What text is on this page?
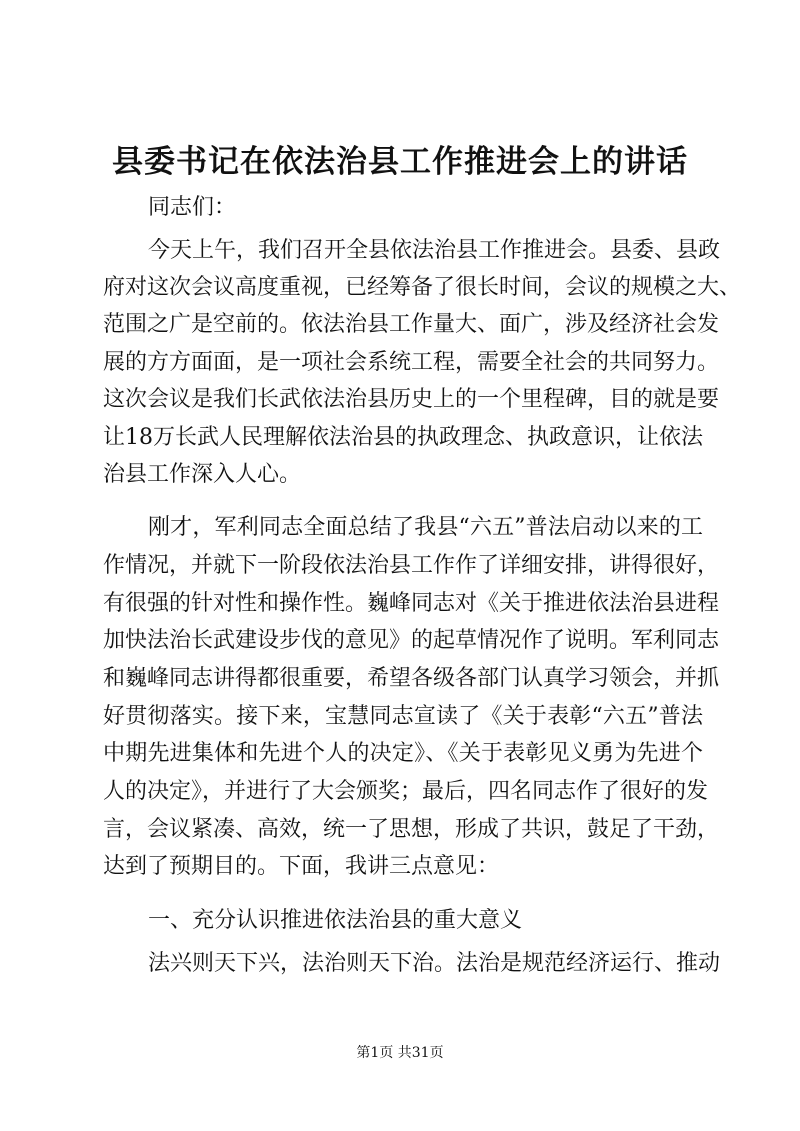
县委书记在依法治县工作推进会上的讲话
同志们：
今天上午，我们召开全县依法治县工作推进会。县委、县政
府对这次会议高度重视，已经筹备了很长时间，会议的规模之大、
范围之广是空前的。依法治县工作量大、面广，涉及经济社会发
展的方方面面，是一项社会系统工程，需要全社会的共同努力。
这次会议是我们长武依法治县历史上的一个里程碑，目的就是要
让18万长武人民理解依法治县的执政理念、执政意识，让依法
治县工作深入人心。
刚才，军利同志全面总结了我县“六五”普法启动以来的工
作情况，并就下一阶段依法治县工作作了详细安排，讲得很好，
有很强的针对性和操作性。巍峰同志对《关于推进依法治县进程
加快法治长武建设步伐的意见》的起草情况作了说明。军利同志
和巍峰同志讲得都很重要，希望各级各部门认真学习领会，并抓
好贯彻落实。接下来，宝慧同志宣读了《关于表彰“六五”普法
中期先进集体和先进个人的决定》、《关于表彰见义勇为先进个
人的决定》，并进行了大会颁奖；最后，四名同志作了很好的发
言，会议紧凑、高效，统一了思想，形成了共识，鼓足了干劲，
达到了预期目的。下面，我讲三点意见：
一、充分认识推进依法治县的重大意义
法兴则天下兴，法治则天下治。法治是规范经济运行、推动
第1页 共31页
